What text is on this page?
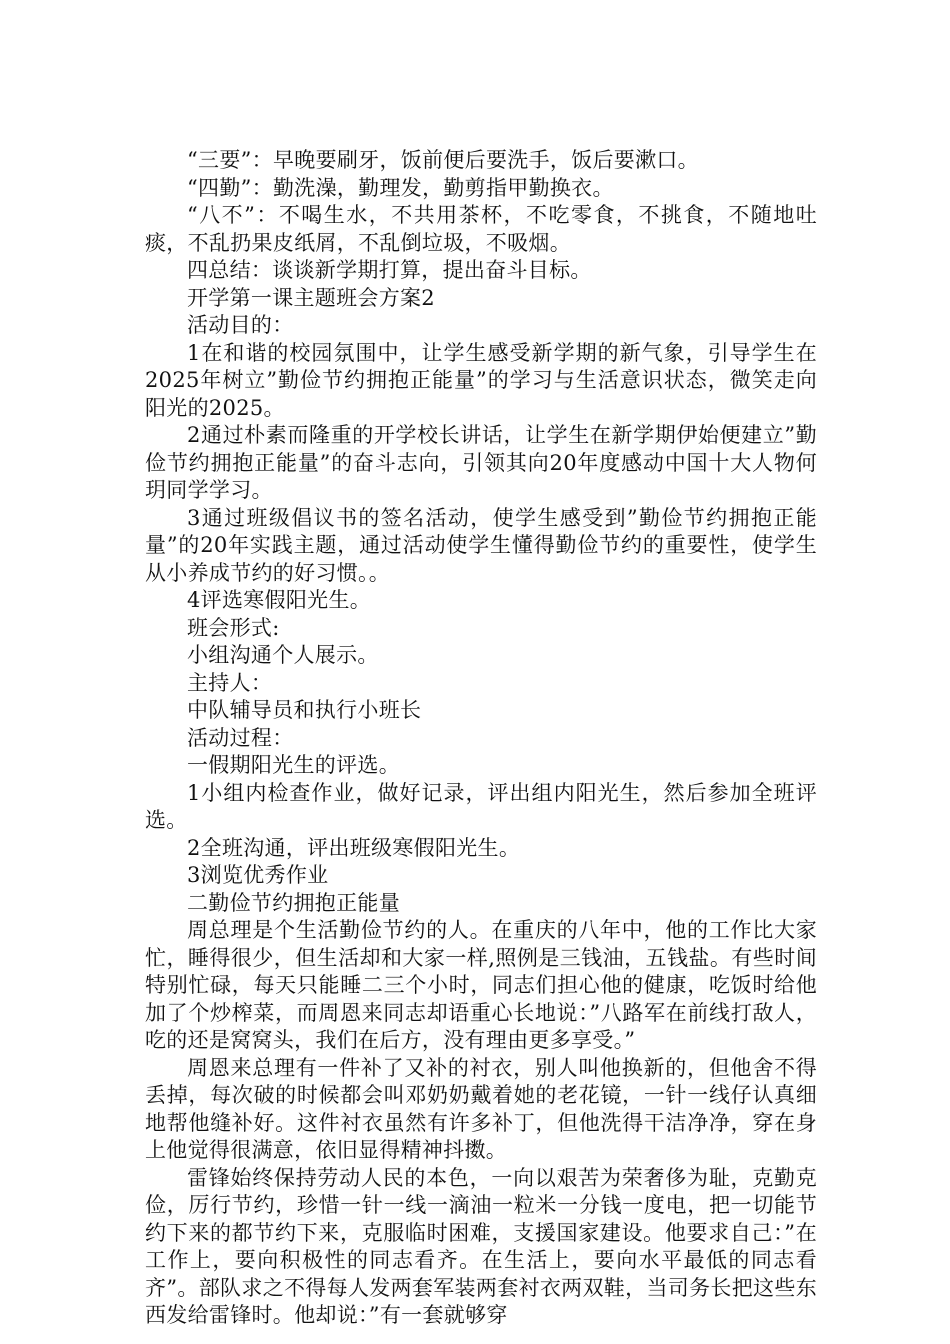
“三要”：早晚要刷牙，饭前便后要洗手，饭后要漱口。

“四勤”：勤洗澡，勤理发，勤剪指甲勤换衣。

“八不”：不喝生水，不共用茶杯，不吃零食，不挑食，不随地吐痰，不乱扔果皮纸屑，不乱倒垃圾，不吸烟。

四总结：谈谈新学期打算，提出奋斗目标。

开学第一课主题班会方案2

活动目的：

1在和谐的校园氛围中，让学生感受新学期的新气象，引导学生在2025年树立”勤俭节约拥抱正能量”的学习与生活意识状态，微笑走向阳光的2025。

2通过朴素而隆重的开学校长讲话，让学生在新学期伊始便建立”勤俭节约拥抱正能量”的奋斗志向，引领其向20年度感动中国十大人物何玥同学学习。

3通过班级倡议书的签名活动，使学生感受到”勤俭节约拥抱正能量”的20年实践主题，通过活动使学生懂得勤俭节约的重要性，使学生从小养成节约的好习惯。。

4评选寒假阳光生。

班会形式:

小组沟通个人展示。

主持人：

中队辅导员和执行小班长

活动过程：

一假期阳光生的评选。

1小组内检查作业，做好记录，评出组内阳光生，然后参加全班评选。

2全班沟通，评出班级寒假阳光生。

3浏览优秀作业

二勤俭节约拥抱正能量

周总理是个生活勤俭节约的人。在重庆的八年中，他的工作比大家忙，睡得很少，但生活却和大家一样,照例是三钱油，五钱盐。有些时间特别忙碌，每天只能睡二三个小时，同志们担心他的健康，吃饭时给他加了个炒榨菜，而周恩来同志却语重心长地说：”八路军在前线打敌人，吃的还是窝窝头，我们在后方，没有理由更多享受。”

周恩来总理有一件补了又补的衬衣，别人叫他换新的，但他舍不得丢掉，每次破的时候都会叫邓奶奶戴着她的老花镜，一针一线仔认真细地帮他缝补好。这件衬衣虽然有许多补丁，但他洗得干洁净净，穿在身上他觉得很满意，依旧显得精神抖擞。

雷锋始终保持劳动人民的本色，一向以艰苦为荣奢侈为耻，克勤克俭，厉行节约，珍惜一针一线一滴油一粒米一分钱一度电，把一切能节约下来的都节约下来，克服临时困难，支援国家建设。他要求自己：”在工作上，要向积极性的同志看齐。在生活上，要向水平最低的同志看齐”。部队求之不得每人发两套军装两套衬衣两双鞋，当司务长把这些东西发给雷锋时。他却说：”有一套就够穿
